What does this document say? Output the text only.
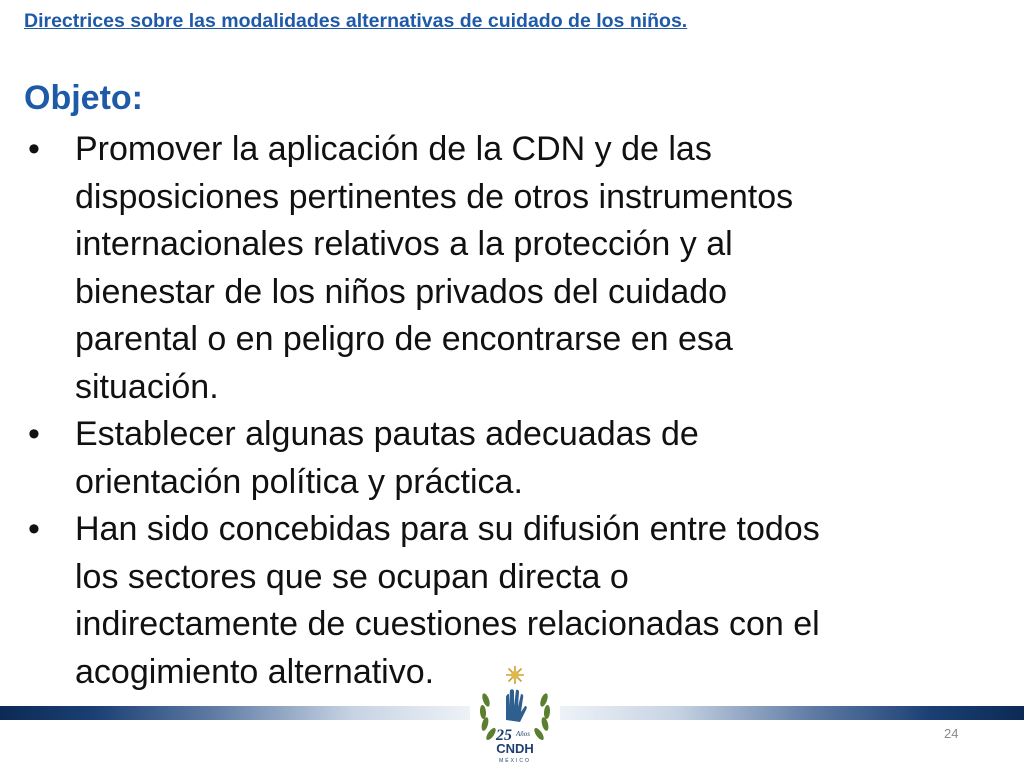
Directrices sobre las modalidades alternativas de cuidado de los niños.
Objeto:
• Promover la aplicación de la CDN y de las
disposiciones pertinentes de otros instrumentos
internacionales relativos a la protección y al
bienestar de los niños privados del cuidado
parental o en peligro de encontrarse en esa
situación.
• Establecer algunas pautas adecuadas de
orientación política y práctica.
• Han sido concebidas para su difusión entre todos
los sectores que se ocupan directa o
indirectamente de cuestiones relacionadas con el
acogimiento alternativo.
25 Años
CNDH
MÉXICO
24
